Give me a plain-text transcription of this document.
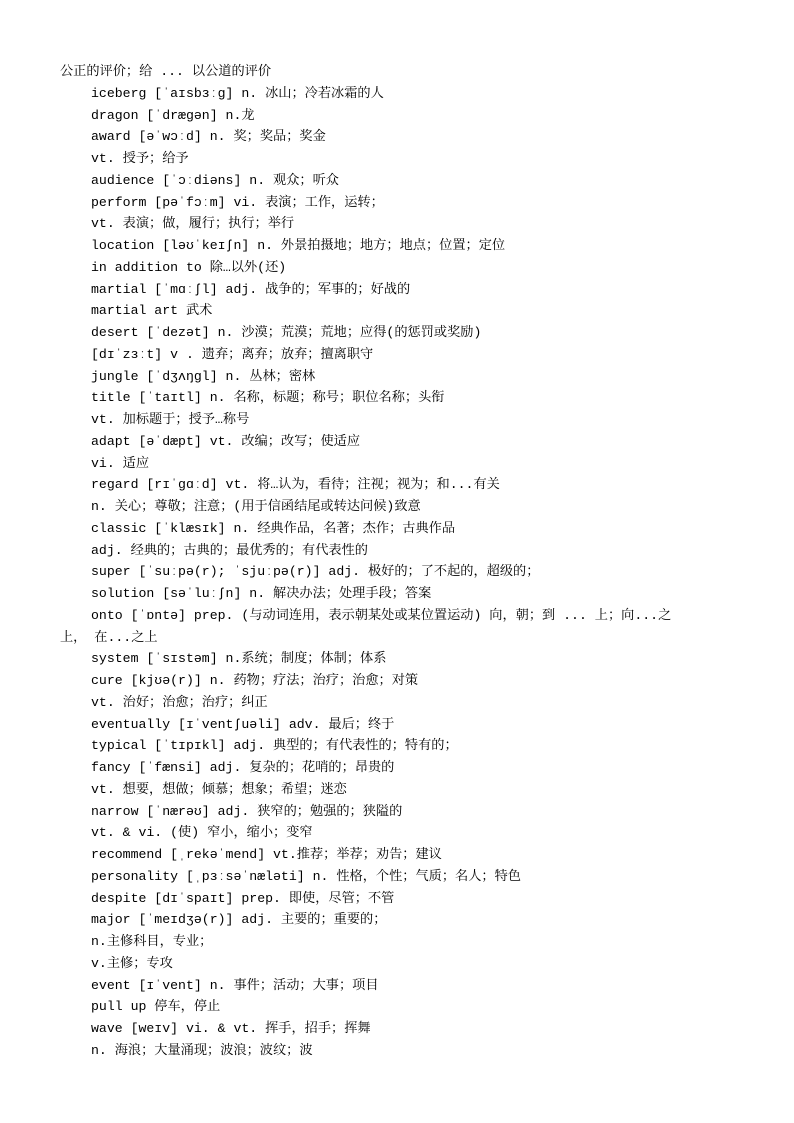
公正的评价；给 ... 以公道的评价
iceberg [ˈaɪsbɜːɡ] n. 冰山；冷若冰霜的人
dragon [ˈdræɡən] n.龙
award [əˈwɔːd] n. 奖；奖品；奖金
vt. 授予；给予
audience [ˈɔːdiəns] n. 观众；听众
perform [pəˈfɔːm] vi. 表演；工作，运转；
vt. 表演；做，履行；执行；举行
location [ləʊˈkeɪʃn] n. 外景拍摄地；地方；地点；位置；定位
in addition to 除…以外(还)
martial [ˈmɑːʃl] adj. 战争的；军事的；好战的
martial art 武术
desert [ˈdezət] n. 沙漠；荒漠；荒地；应得(的惩罚或奖励)
[dɪˈzɜːt] v . 遗弃；离弃；放弃；擅离职守
jungle [ˈdʒʌŋɡl] n. 丛林；密林
title [ˈtaɪtl] n. 名称，标题；称号；职位名称；头衔
vt. 加标题于；授予…称号
adapt [əˈdæpt] vt. 改编；改写；使适应
vi. 适应
regard [rɪˈɡɑːd] vt. 将…认为，看待；注视；视为；和...有关
n. 关心；尊敬；注意；(用于信函结尾或转达问候)致意
classic [ˈklæsɪk] n. 经典作品，名著；杰作；古典作品
adj. 经典的；古典的；最优秀的；有代表性的
super [ˈsuːpə(r); ˈsjuːpə(r)] adj. 极好的；了不起的，超级的；
solution [səˈluːʃn] n. 解决办法；处理手段；答案
onto [ˈɒntə] prep. (与动词连用，表示朝某处或某位置运动) 向，朝；到 ... 上；向...之
上， 在...之上
system [ˈsɪstəm] n.系统；制度；体制；体系
cure [kjʊə(r)] n. 药物；疗法；治疗；治愈；对策
vt. 治好；治愈；治疗；纠正
eventually [ɪˈventʃuəli] adv. 最后；终于
typical [ˈtɪpɪkl] adj. 典型的；有代表性的；特有的；
fancy [ˈfænsi] adj. 复杂的；花哨的；昂贵的
vt. 想要，想做；倾慕；想象；希望；迷恋
narrow [ˈnærəʊ] adj. 狭窄的；勉强的；狭隘的
vt. & vi. (使) 窄小，缩小；变窄
recommend [ˌrekəˈmend] vt.推荐；举荐；劝告；建议
personality [ˌpɜːsəˈnæləti] n. 性格，个性；气质；名人；特色
despite [dɪˈspaɪt] prep. 即使，尽管；不管
major [ˈmeɪdʒə(r)] adj. 主要的；重要的；
n.主修科目，专业；
v.主修；专攻
event [ɪˈvent] n. 事件；活动；大事；项目
pull up 停车，停止
wave [weɪv] vi. & vt. 挥手，招手；挥舞
n. 海浪；大量涌现；波浪；波纹；波
